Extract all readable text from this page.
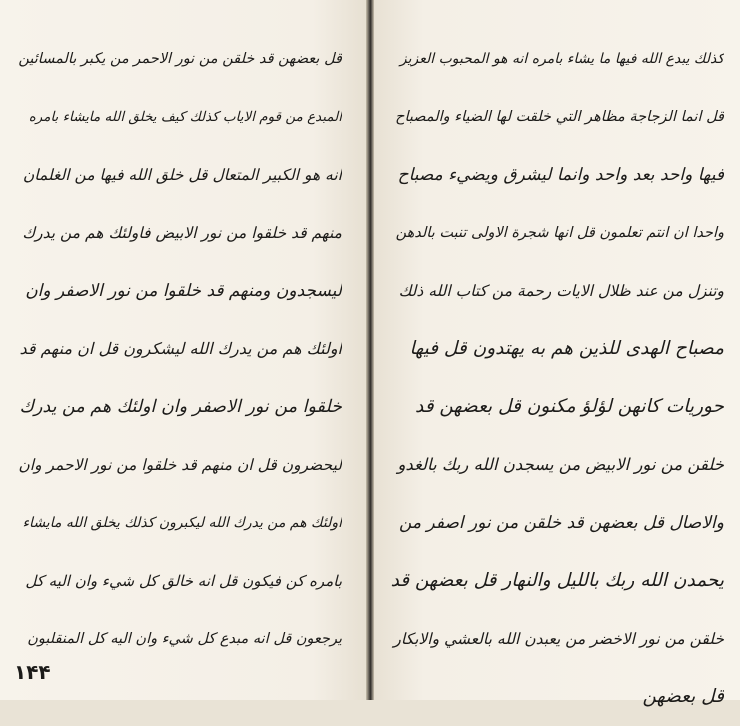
قل بعضهن قد خلقن من نور الاحمر من يكبر بالمسائين
المبدع من قوم الاياب كذلك كيف يخلق الله مايشاء بامره
انه هو الكبير المتعال قل خلق الله فيها من الغلمان
منهم قد خلقوا من نور الابيض فاولئك هم من يدرك
ليسجدون ومنهم قد خلقوا من نور الاصفر وان
اولئك هم من يدرك الله ليشكرون قل ان منهم قد
خلقوا من نور الاصفر وان اولئك هم من يدرك
ليحضرون قل ان منهم قد خلقوا من نور الاحمر وان
اولئك هم من يدرك الله ليكبرون كذلك يخلق الله مايشاء
بامره كن فيكون قل انه خالق كل شيء وان اليه كل
يرجعون قل انه مبدع كل شيء وان اليه كل المنقلبون
۱۴۴
كذلك يبدع الله فيها ما يشاء بامره انه هو المحبوب العزيز
قل انما الزجاجة مظاهر التي خلقت لها الضياء والمصباح
فيها واحد بعد واحد وانما ليشرق ويضيء مصباح
واحدا ان انتم تعلمون قل انها شجرة الاولى تنبت بالدهن
وتنزل من عند ظلال الايات رحمة من كتاب الله ذلك
مصباح الهدى للذين هم به يهتدون قل فيها
حوريات كانهن لؤلؤ مكنون قل بعضهن قد
خلقن من نور الابيض من يسجدن الله ربك بالغدو
والاصال قل بعضهن قد خلقن من نور اصفر من
يحمدن الله ربك بالليل والنهار قل بعضهن قد
خلقن من نور الاخضر من يعبدن الله بالعشي والابكار
قل بعضهن
